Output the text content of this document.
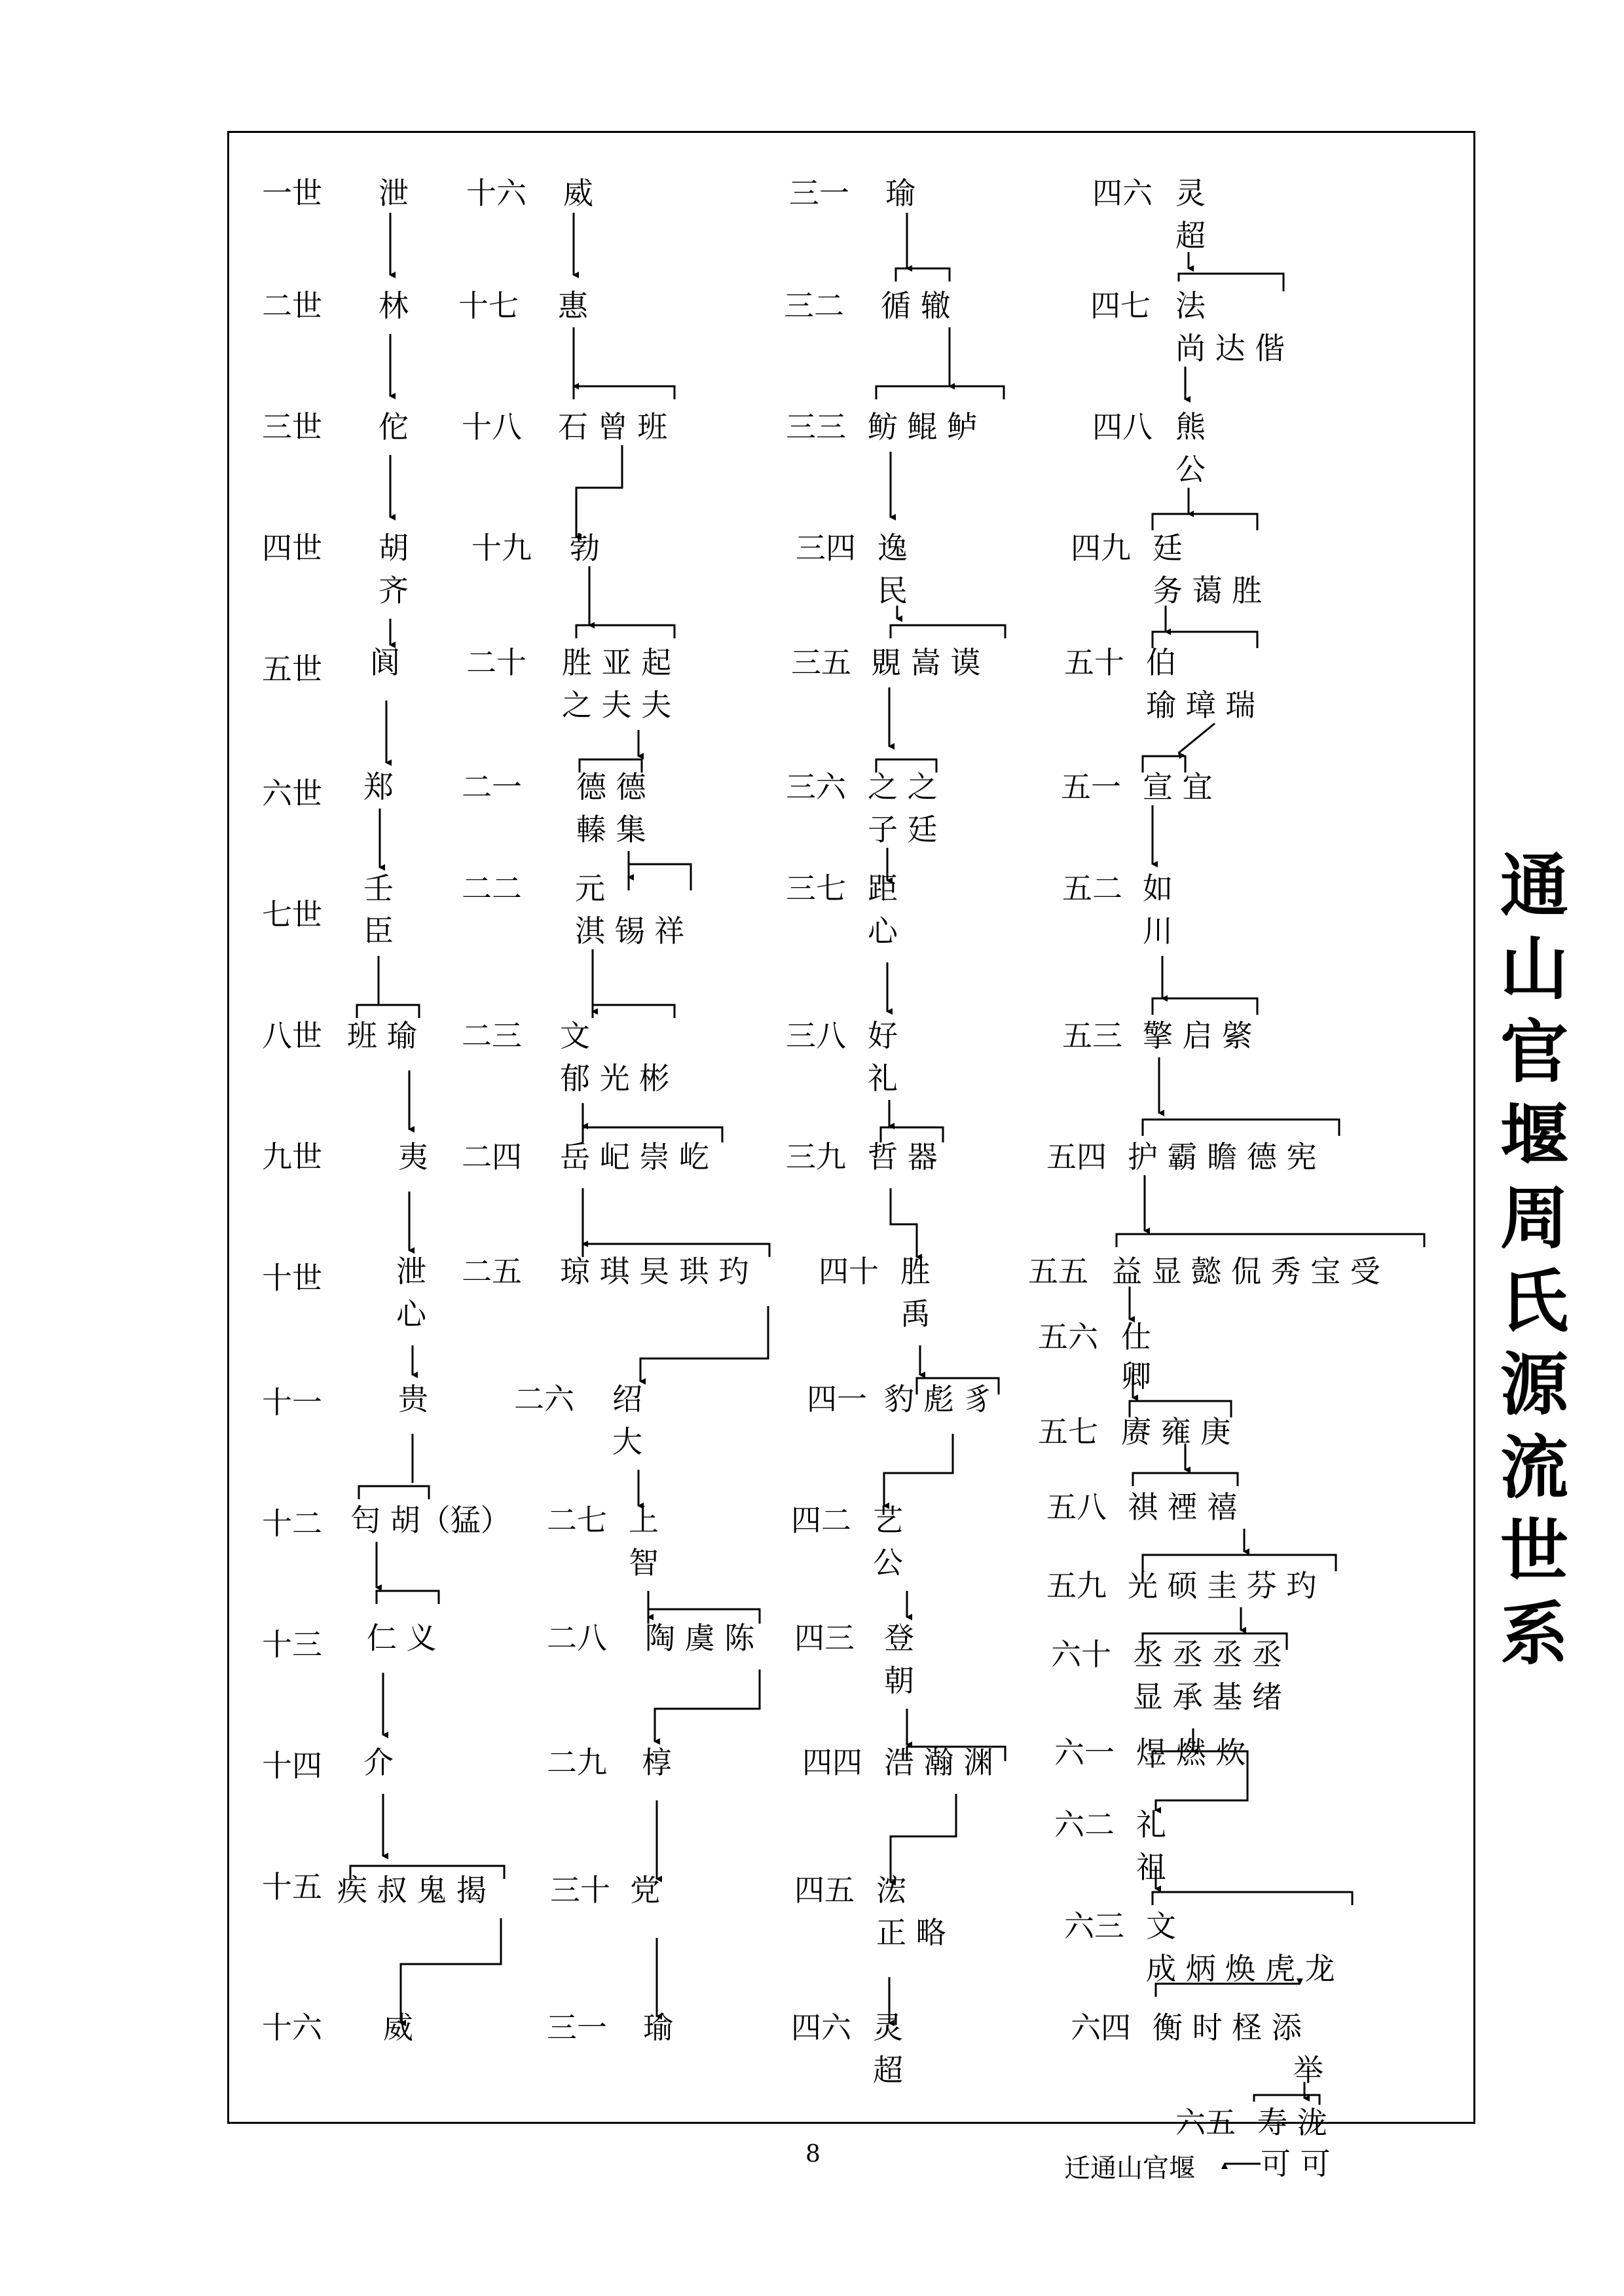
一世 泄
二世 林
三世 佗
四世 胡
齐
五世 阆
六世 郑
七世
壬
臣
八世 班 瑜
九世	夷
十世 泄
心
十一	贵
十二 匄 胡（猛）
十三 仁 义
十四 介
十五 疾 叔 鬼 揭
十六 威
十六 威
十七 惠
十八 石 曾 班
十九 勃
二十 胜 亚 起
之 夫 夫
二一 德 德
轃 集
二二 元
淇 锡 祥
二三 文
郁 光 彬
二四 岳 屺 崇 屹
二五 琼 琪 旲 珙 玓
二六 绍
大
二七 上
智
二八 陶 虞 陈
二九 椁
三十 党
三一 瑜
三一 瑜
三二 循 辙
三三 鲂 鲲 鲈
三四 逸
民
三五 覞 嵩 谟
三六 之 之
子 廷
三七 距
心
三八 好
礼
三九 哲 器
四十 胜
禹
四一 豹 彪 豸
四二 艺
公
四三 登
朝
四四 浩 瀚 渊
四五 浤
正 略
四六 灵
超
四六 灵
超
四七 法
尚 达 偕
四八 熊
公
四九 廷
务 蔼 胜
五十 伯
瑜 璋 瑞
五一 宣 宜
五二 如
川
五三 擎 启 綮
五四 护 霸 瞻 德 宪
五五 益 显 懿 侃 秀 宝 受
五六 仕
卿
五七 赓 雍 庚
五八 祺 禋 禧
五九 光 硕 圭 芬 玓
六十 丞 丞 丞 丞
显 承 基 绪
六一 煜 燃 炊
六二 礼
祖
六三 文
成 炳 焕 虎 龙
六四 衡 时 柽 添
举
六五 寿 泷
可 可
迁通山官堰
通山官堰周氏源流世系
8
